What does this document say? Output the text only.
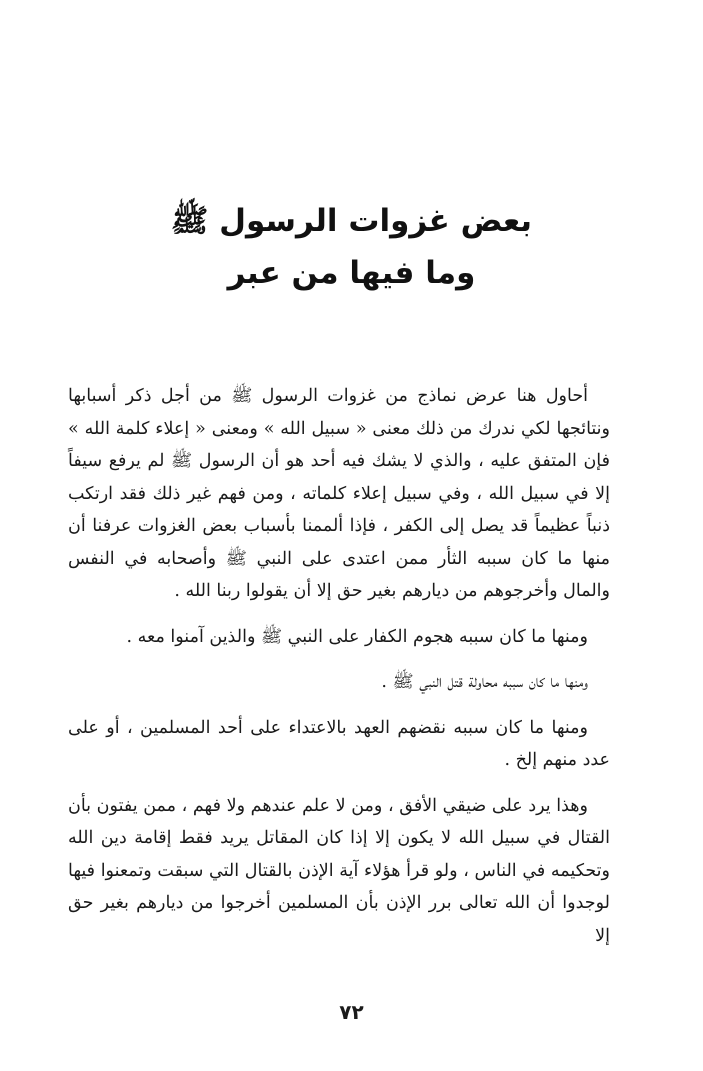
بعض غزوات الرسول ﷺ
وما فيها من عبر

أحاول هنا عرض نماذج من غزوات الرسول ﷺ من أجل ذكر أسبابها ونتائجها لكي ندرك من ذلك معنى « سبيل الله » ومعنى « إعلاء كلمة الله » فإن المتفق عليه ، والذي لا يشك فيه أحد هو أن الرسول ﷺ لم يرفع سيفاً إلا في سبيل الله ، وفي سبيل إعلاء كلماته ، ومن فهم غير ذلك فقد ارتكب ذنباً عظيماً قد يصل إلى الكفر ، فإذا ألممنا بأسباب بعض الغزوات عرفنا أن منها ما كان سببه الثأر ممن اعتدى على النبي ﷺ وأصحابه في النفس والمال وأخرجوهم من ديارهم بغير حق إلا أن يقولوا ربنا الله .

ومنها ما كان سببه هجوم الكفار على النبي ﷺ والذين آمنوا معه .

ومنها ما كان سببه محاولة قتل النبي ﷺ .

ومنها ما كان سببه نقضهم العهد بالاعتداء على أحد المسلمين ، أو على عدد منهم إلخ .

وهذا يرد على ضيقي الأفق ، ومن لا علم عندهم ولا فهم ، ممن يفتون بأن القتال في سبيل الله لا يكون إلا إذا كان المقاتل يريد فقط إقامة دين الله وتحكيمه في الناس ، ولو قرأ هؤلاء آية الإذن بالقتال التي سبقت وتمعنوا فيها لوجدوا أن الله تعالى برر الإذن بأن المسلمين أخرجوا من ديارهم بغير حق إلا

٧٢
